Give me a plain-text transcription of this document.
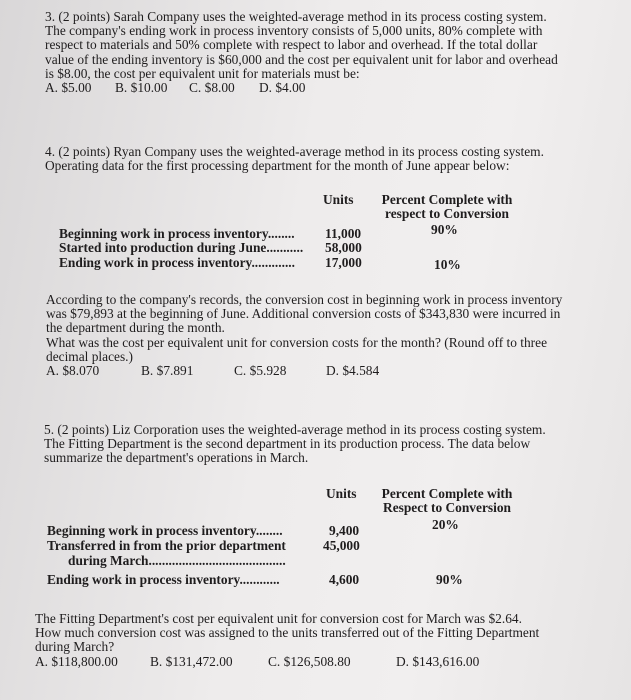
3. (2 points) Sarah Company uses the weighted-average method in its process costing system.

The company's ending work in process inventory consists of 5,000 units, 80% complete with

respect to materials and 50% complete with respect to labor and overhead. If the total dollar

value of the ending inventory is $60,000 and the cost per equivalent unit for labor and overhead

is $8.00, the cost per equivalent unit for materials must be:

A. $5.00	B. $10.00	C. $8.00	D. $4.00

4. (2 points) Ryan Company uses the weighted-average method in its process costing system.

Operating data for the first processing department for the month of June appear below:

Units Percent Complete with
respect to Conversion
Beginning work in process inventory........ 11,000	90%
Started into production during June........... 58,000
Ending work in process inventory............. 17,000	10%

According to the company's records, the conversion cost in beginning work in process inventory

was $79,893 at the beginning of June. Additional conversion costs of $343,830 were incurred in

the department during the month.

What was the cost per equivalent unit for conversion costs for the month? (Round off to three

decimal places.)

A. $8.070	B. $7.891	C. $5.928	D. $4.584

5. (2 points) Liz Corporation uses the weighted-average method in its process costing system.

The Fitting Department is the second department in its production process. The data below

summarize the department's operations in March.

Units	Percent Complete with
Respect to Conversion
Beginning work in process inventory........	9,400	20%
Transferred in from the prior department	45,000
during March.........................................
Ending work in process inventory............	4,600	90%

The Fitting Department's cost per equivalent unit for conversion cost for March was $2.64.

How much conversion cost was assigned to the units transferred out of the Fitting Department

during March?

A. $118,800.00	B. $131,472.00	C. $126,508.80	D. $143,616.00
